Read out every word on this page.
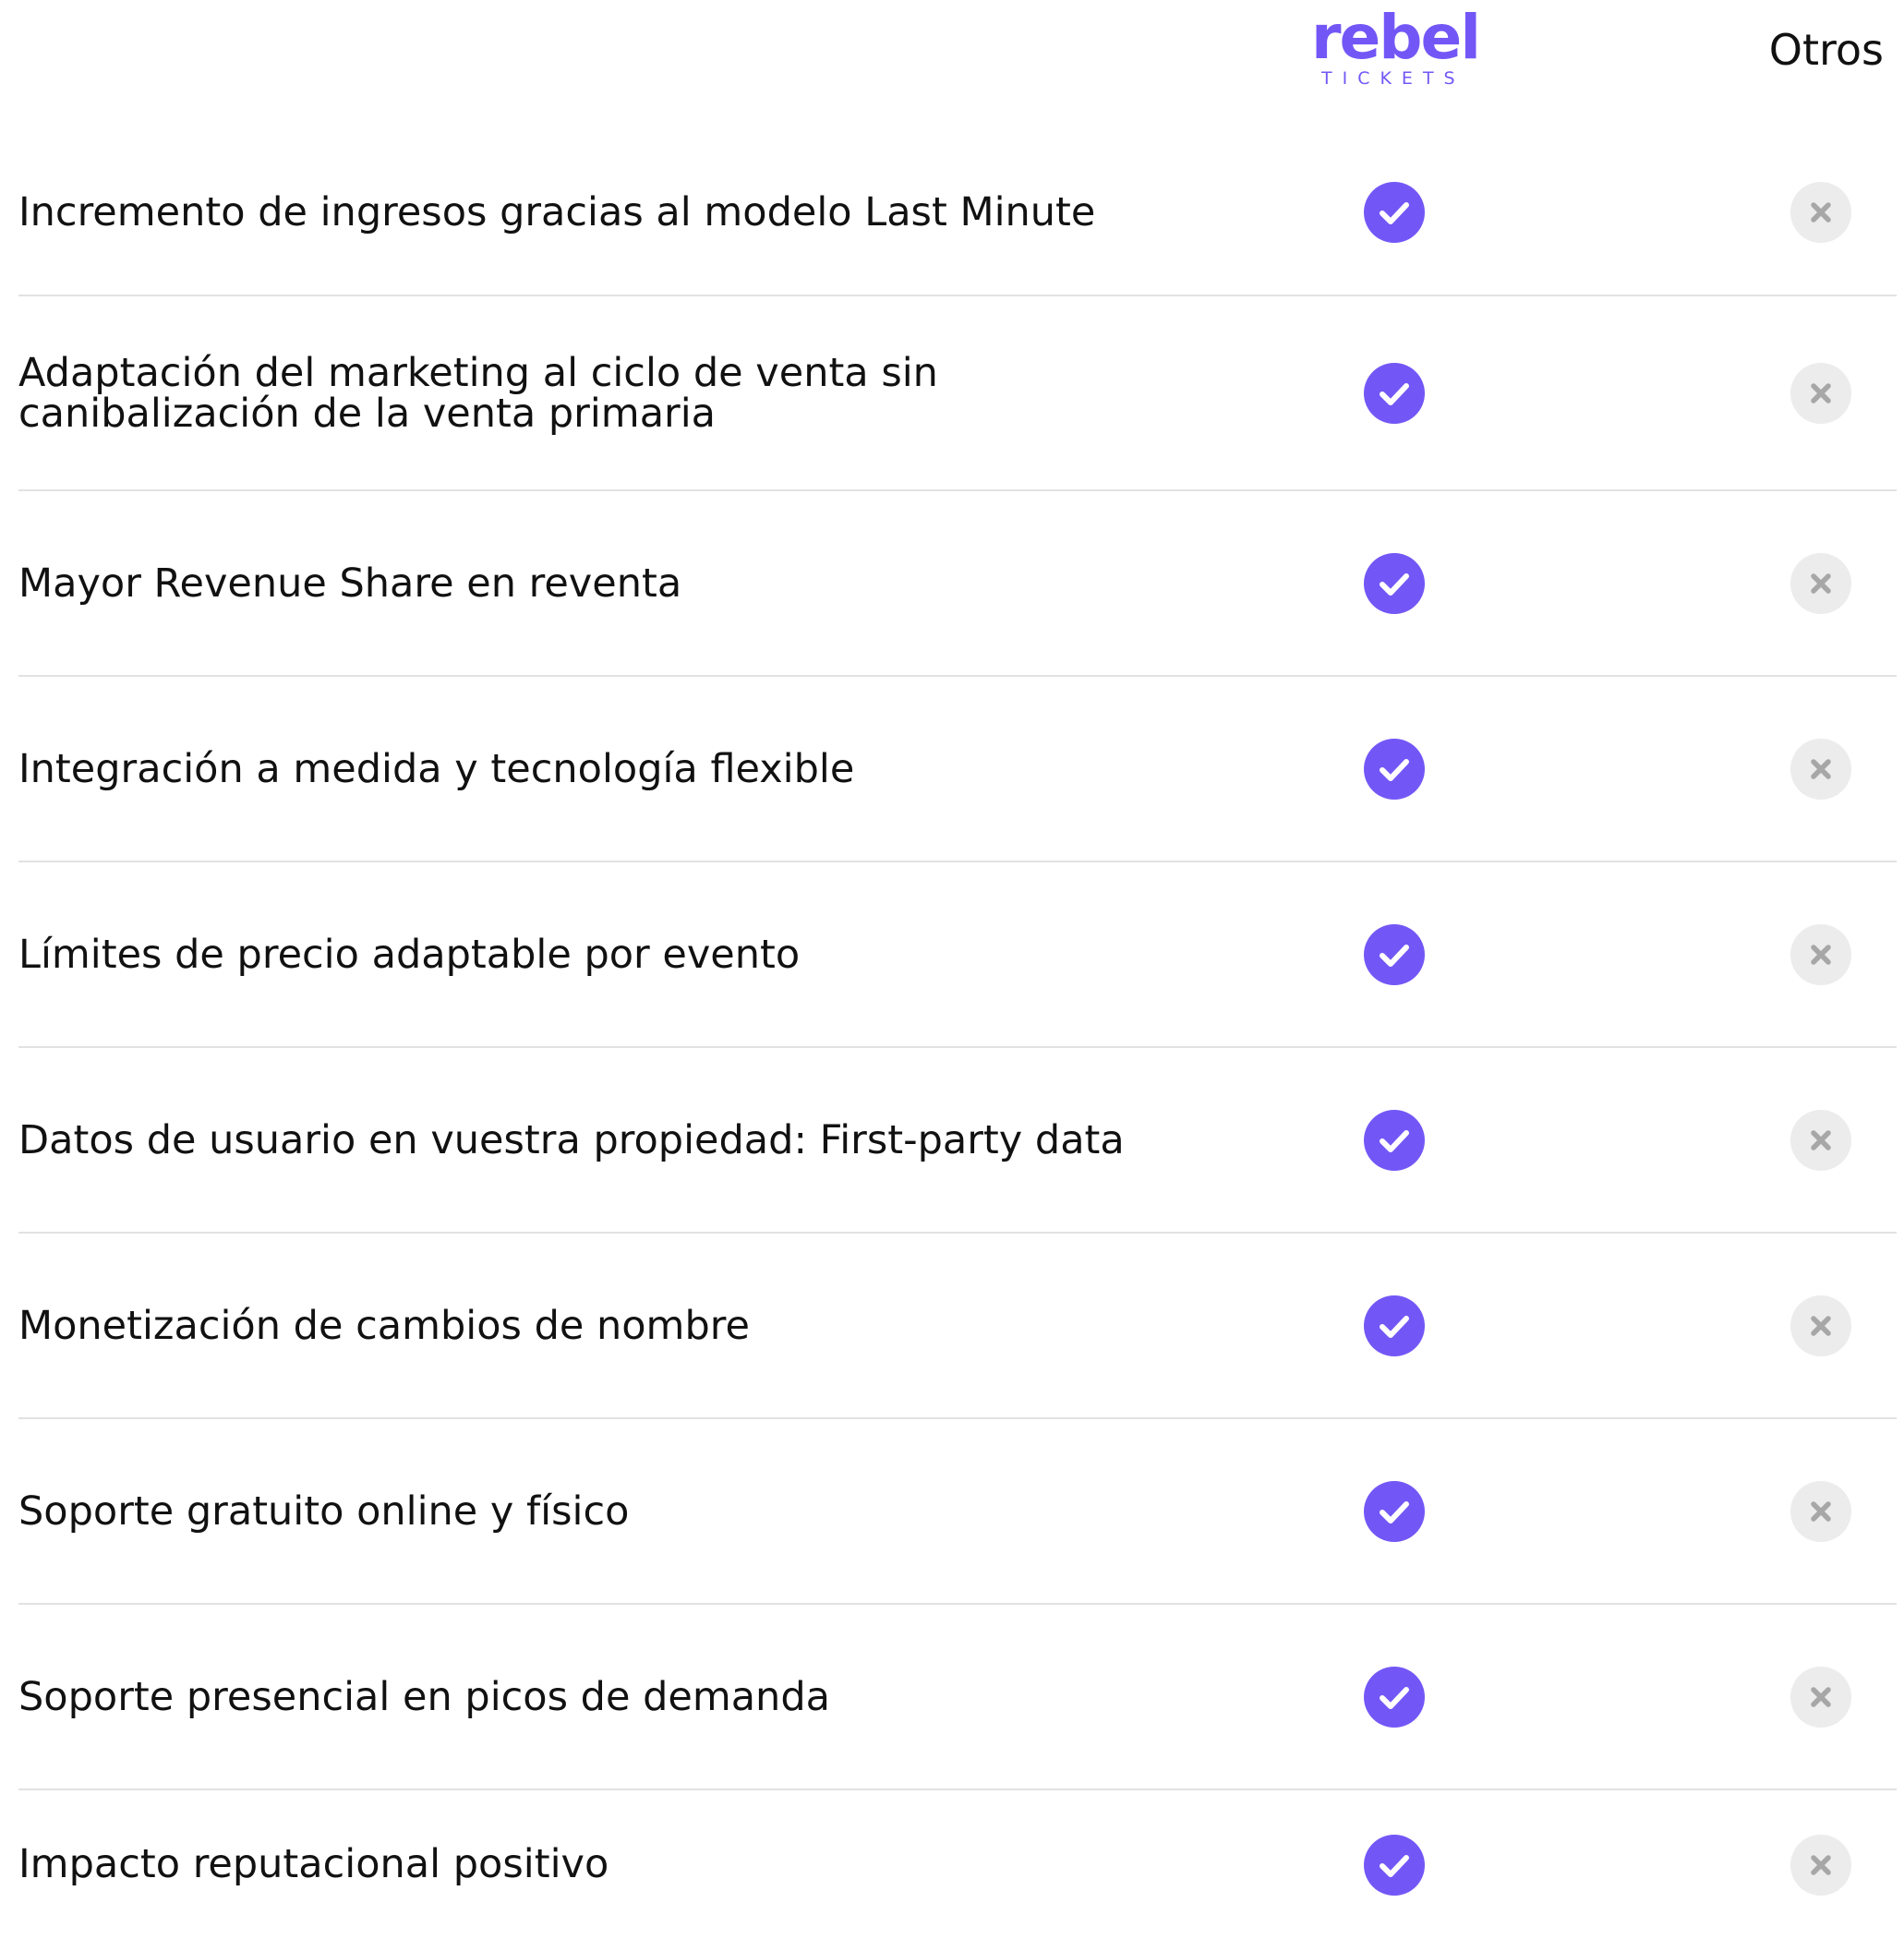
rebel
TICKETS
Otros
Incremento de ingresos gracias al modelo Last Minute
Adaptación del marketing al ciclo de venta sin
canibalización de la venta primaria
Mayor Revenue Share en reventa
Integración a medida y tecnología flexible
Límites de precio adaptable por evento
Datos de usuario en vuestra propiedad: First-party data
Monetización de cambios de nombre
Soporte gratuito online y físico
Soporte presencial en picos de demanda
Impacto reputacional positivo
